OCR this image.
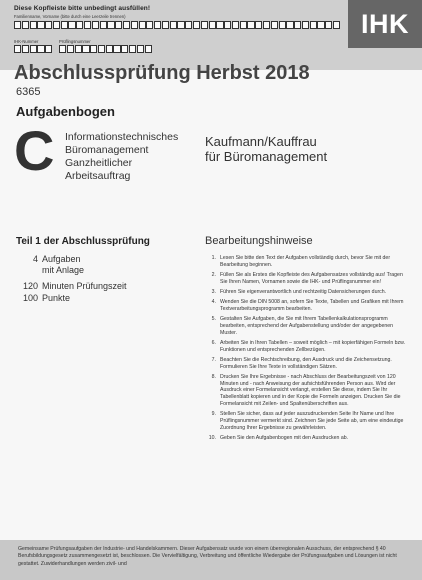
Diese Kopfleiste bitte unbedingt ausfüllen!
Familienname, Vorname (bitte durch eine Leerzeile trennen)
IHK-Nummer	Prüflingsnummer
IHK
Abschlussprüfung Herbst 2018
6365
Aufgabenbogen
C Informationstechnisches
Büromanagement
Ganzheitlicher
Arbeitsauftrag
Kaufmann/Kauffrau
für Büromanagement
Teil 1 der Abschlussprüfung
4 Aufgaben
mit Anlage
120 Minuten Prüfungszeit
100 Punkte
Bearbeitungshinweise
1. Lesen Sie bitte den Text der Aufgaben vollständig durch, bevor Sie mit der Bearbeitung beginnen.
2. Füllen Sie als Erstes die Kopfleiste des Aufgabensatzes vollständig aus! Tragen Sie Ihren Namen, Vornamen sowie die IHK- und Prüflingsnummer ein!
3. Führen Sie eigenverantwortlich und rechtzeitig Datensicherungen durch.
4. Wenden Sie die DIN 5008 an, sofern Sie Texte, Tabellen und Grafiken mit Ihrem Textverarbeitungsprogramm bearbeiten.
5. Gestalten Sie Aufgaben, die Sie mit Ihrem Tabellenkalkulationsprogramm bearbeiten, entsprechend der Aufgabenstellung und/oder der angegebenen Muster.
6. Arbeiten Sie in Ihren Tabellen – soweit möglich – mit kopierfähigen Formeln bzw. Funktionen und entsprechenden Zellbezügen.
7. Beachten Sie die Rechtschreibung, den Ausdruck und die Zeichensetzung. Formulieren Sie Ihre Texte in vollständigen Sätzen.
8. Drucken Sie Ihre Ergebnisse - nach Abschluss der Bearbeitungszeit von 120 Minuten und - nach Anweisung der aufsichtsführenden Person aus. Wird der Ausdruck einer Formelansicht verlangt, erstellen Sie diese, indem Sie Ihr Tabellenblatt kopieren und in der Kopie die Formeln anzeigen. Drucken Sie die Formelansicht mit Zeilen- und Spaltenüberschriften aus.
9. Stellen Sie sicher, dass auf jeder auszudruckenden Seite Ihr Name und Ihre Prüflingsnummer vermerkt sind. Zeichnen Sie jede Seite ab, um eine eindeutige Zuordnung Ihrer Ergebnisse zu gewährleisten.
10. Geben Sie den Aufgabenbogen mit den Ausdrucken ab.
Gemeinsame Prüfungsaufgaben der Industrie- und Handelskammern. Dieser Aufgabensatz wurde von einem überregionalen Ausschuss, der entsprechend § 40 Berufsbildungsgesetz zusammengesetzt ist, beschlossen. Die Vervielfältigung, Verbreitung und öffentliche Wiedergabe der Prüfungsaufgaben und Lösungen ist nicht gestattet. Zuwiderhandlungen werden zivil- und
